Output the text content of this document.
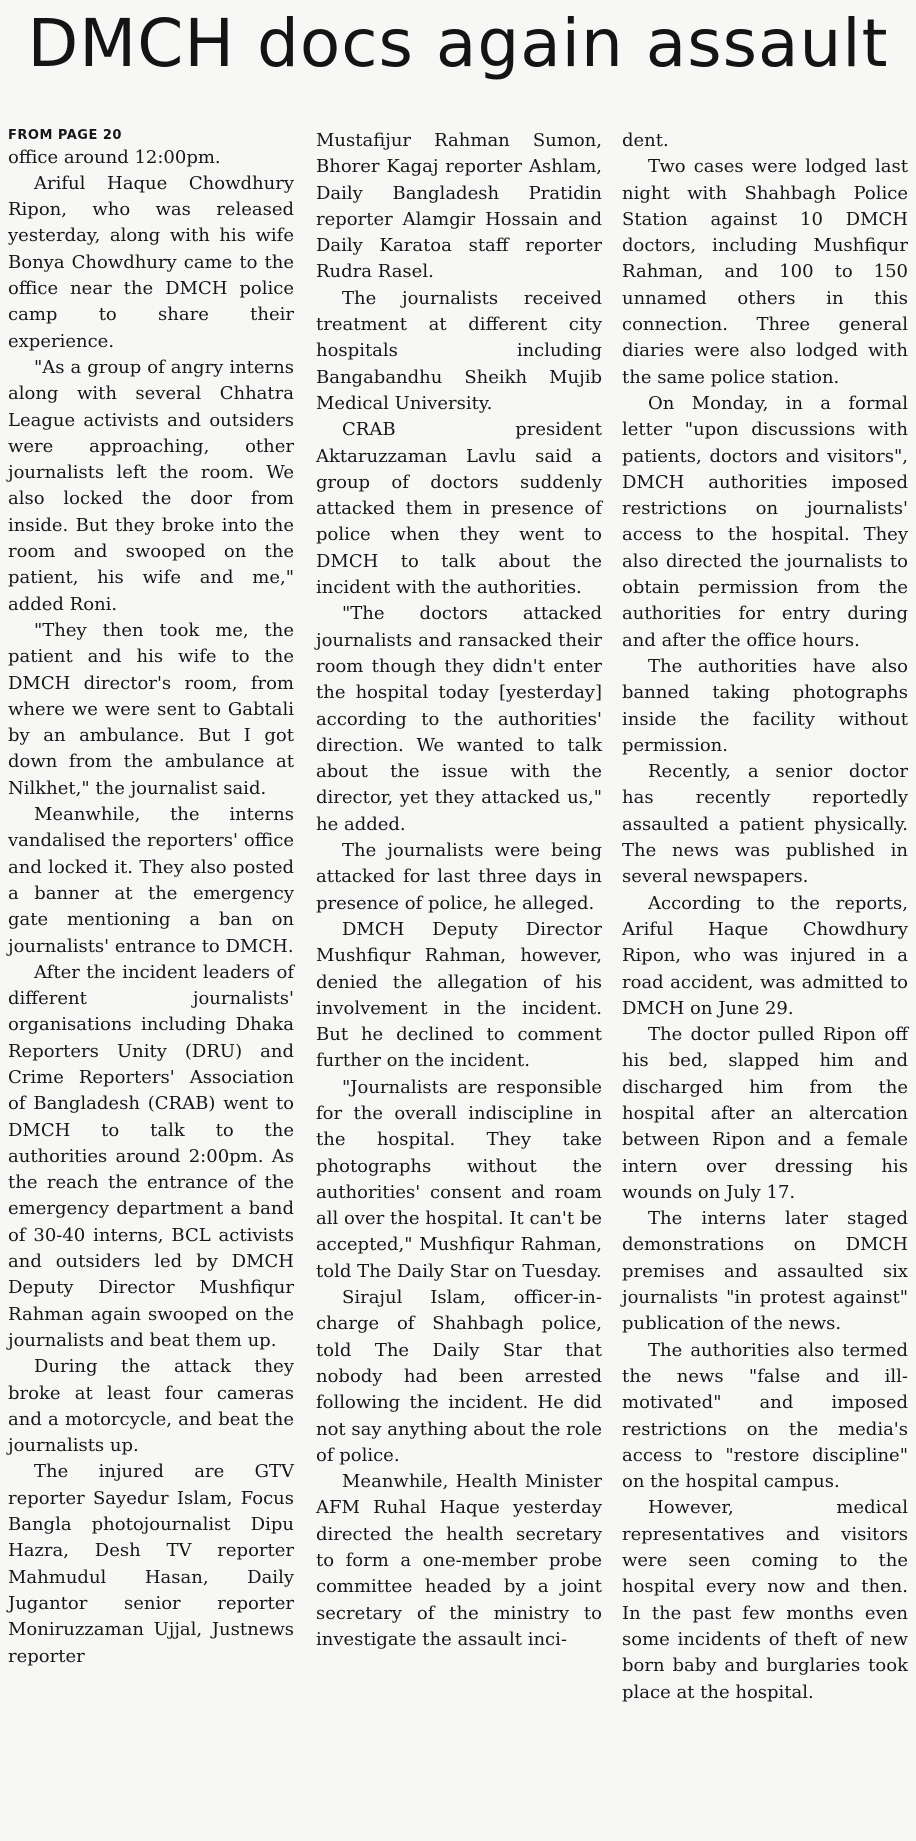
DMCH docs again assault
FROM PAGE 20

office around 12:00pm.

Ariful Haque Chowdhury Ripon, who was released yesterday, along with his wife Bonya Chowdhury came to the office near the DMCH police camp to share their experience.

"As a group of angry interns along with several Chhatra League activists and outsiders were approaching, other journalists left the room. We also locked the door from inside. But they broke into the room and swooped on the patient, his wife and me," added Roni.

"They then took me, the patient and his wife to the DMCH director's room, from where we were sent to Gabtali by an ambulance. But I got down from the ambulance at Nilkhet," the journalist said.

Meanwhile, the interns vandalised the reporters' office and locked it. They also posted a banner at the emergency gate mentioning a ban on journalists' entrance to DMCH.

After the incident leaders of different journalists' organisations including Dhaka Reporters Unity (DRU) and Crime Reporters' Association of Bangladesh (CRAB) went to DMCH to talk to the authorities around 2:00pm. As the reach the entrance of the emergency department a band of 30-40 interns, BCL activists and outsiders led by DMCH Deputy Director Mushfiqur Rahman again swooped on the journalists and beat them up.

During the attack they broke at least four cameras and a motorcycle, and beat the journalists up.

The injured are GTV reporter Sayedur Islam, Focus Bangla photojournalist Dipu Hazra, Desh TV reporter Mahmudul Hasan, Daily Jugantor senior reporter Moniruzzaman Ujjal, Justnews reporter

Mustafijur Rahman Sumon, Bhorer Kagaj reporter Ashlam, Daily Bangladesh Pratidin reporter Alamgir Hossain and Daily Karatoa staff reporter Rudra Rasel.

The journalists received treatment at different city hospitals including Bangabandhu Sheikh Mujib Medical University.

CRAB president Aktaruzzaman Lavlu said a group of doctors suddenly attacked them in presence of police when they went to DMCH to talk about the incident with the authorities.

"The doctors attacked journalists and ransacked their room though they didn't enter the hospital today [yesterday] according to the authorities' direction. We wanted to talk about the issue with the director, yet they attacked us," he added.

The journalists were being attacked for last three days in presence of police, he alleged.

DMCH Deputy Director Mushfiqur Rahman, however, denied the allegation of his involvement in the incident. But he declined to comment further on the incident.

"Journalists are responsible for the overall indiscipline in the hospital. They take photographs without the authorities' consent and roam all over the hospital. It can't be accepted," Mushfiqur Rahman, told The Daily Star on Tuesday.

Sirajul Islam, officer-in-charge of Shahbagh police, told The Daily Star that nobody had been arrested following the incident. He did not say anything about the role of police.

Meanwhile, Health Minister AFM Ruhal Haque yesterday directed the health secretary to form a one-member probe committee headed by a joint secretary of the ministry to investigate the assault inci-

dent.

Two cases were lodged last night with Shahbagh Police Station against 10 DMCH doctors, including Mushfiqur Rahman, and 100 to 150 unnamed others in this connection. Three general diaries were also lodged with the same police station.

On Monday, in a formal letter "upon discussions with patients, doctors and visitors", DMCH authorities imposed restrictions on journalists' access to the hospital. They also directed the journalists to obtain permission from the authorities for entry during and after the office hours.

The authorities have also banned taking photographs inside the facility without permission.

Recently, a senior doctor has recently reportedly assaulted a patient physically. The news was published in several newspapers.

According to the reports, Ariful Haque Chowdhury Ripon, who was injured in a road accident, was admitted to DMCH on June 29.

The doctor pulled Ripon off his bed, slapped him and discharged him from the hospital after an altercation between Ripon and a female intern over dressing his wounds on July 17.

The interns later staged demonstrations on DMCH premises and assaulted six journalists "in protest against" publication of the news.

The authorities also termed the news "false and ill-motivated" and imposed restrictions on the media's access to "restore discipline" on the hospital campus.

However, medical representatives and visitors were seen coming to the hospital every now and then. In the past few months even some incidents of theft of new born baby and burglaries took place at the hospital.
